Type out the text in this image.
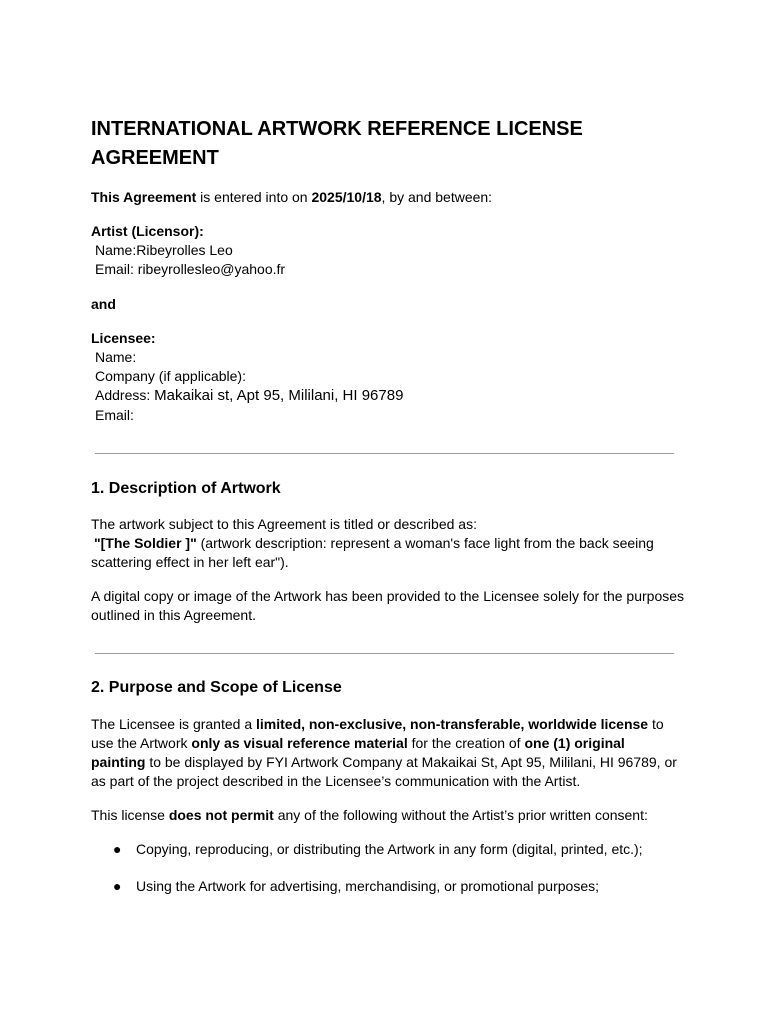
INTERNATIONAL ARTWORK REFERENCE LICENSE AGREEMENT
This Agreement is entered into on 2025/10/18, by and between:
Artist (Licensor):
Name:Ribeyrolles Leo
Email: ribeyrollesleo@yahoo.fr
and
Licensee:
Name:
Company (if applicable):
Address: Makaikai st, Apt 95, Mililani, HI 96789
Email:
1. Description of Artwork
The artwork subject to this Agreement is titled or described as:
"[The Soldier ]" (artwork description: represent a woman's face light from the back seeing
scattering effect in her left ear").
A digital copy or image of the Artwork has been provided to the Licensee solely for the purposes outlined in this Agreement.
2. Purpose and Scope of License
The Licensee is granted a limited, non-exclusive, non-transferable, worldwide license to use the Artwork only as visual reference material for the creation of one (1) original painting to be displayed by FYI Artwork Company at Makaikai St, Apt 95, Mililani, HI 96789, or as part of the project described in the Licensee’s communication with the Artist.
This license does not permit any of the following without the Artist’s prior written consent:
● Copying, reproducing, or distributing the Artwork in any form (digital, printed, etc.);
● Using the Artwork for advertising, merchandising, or promotional purposes;
